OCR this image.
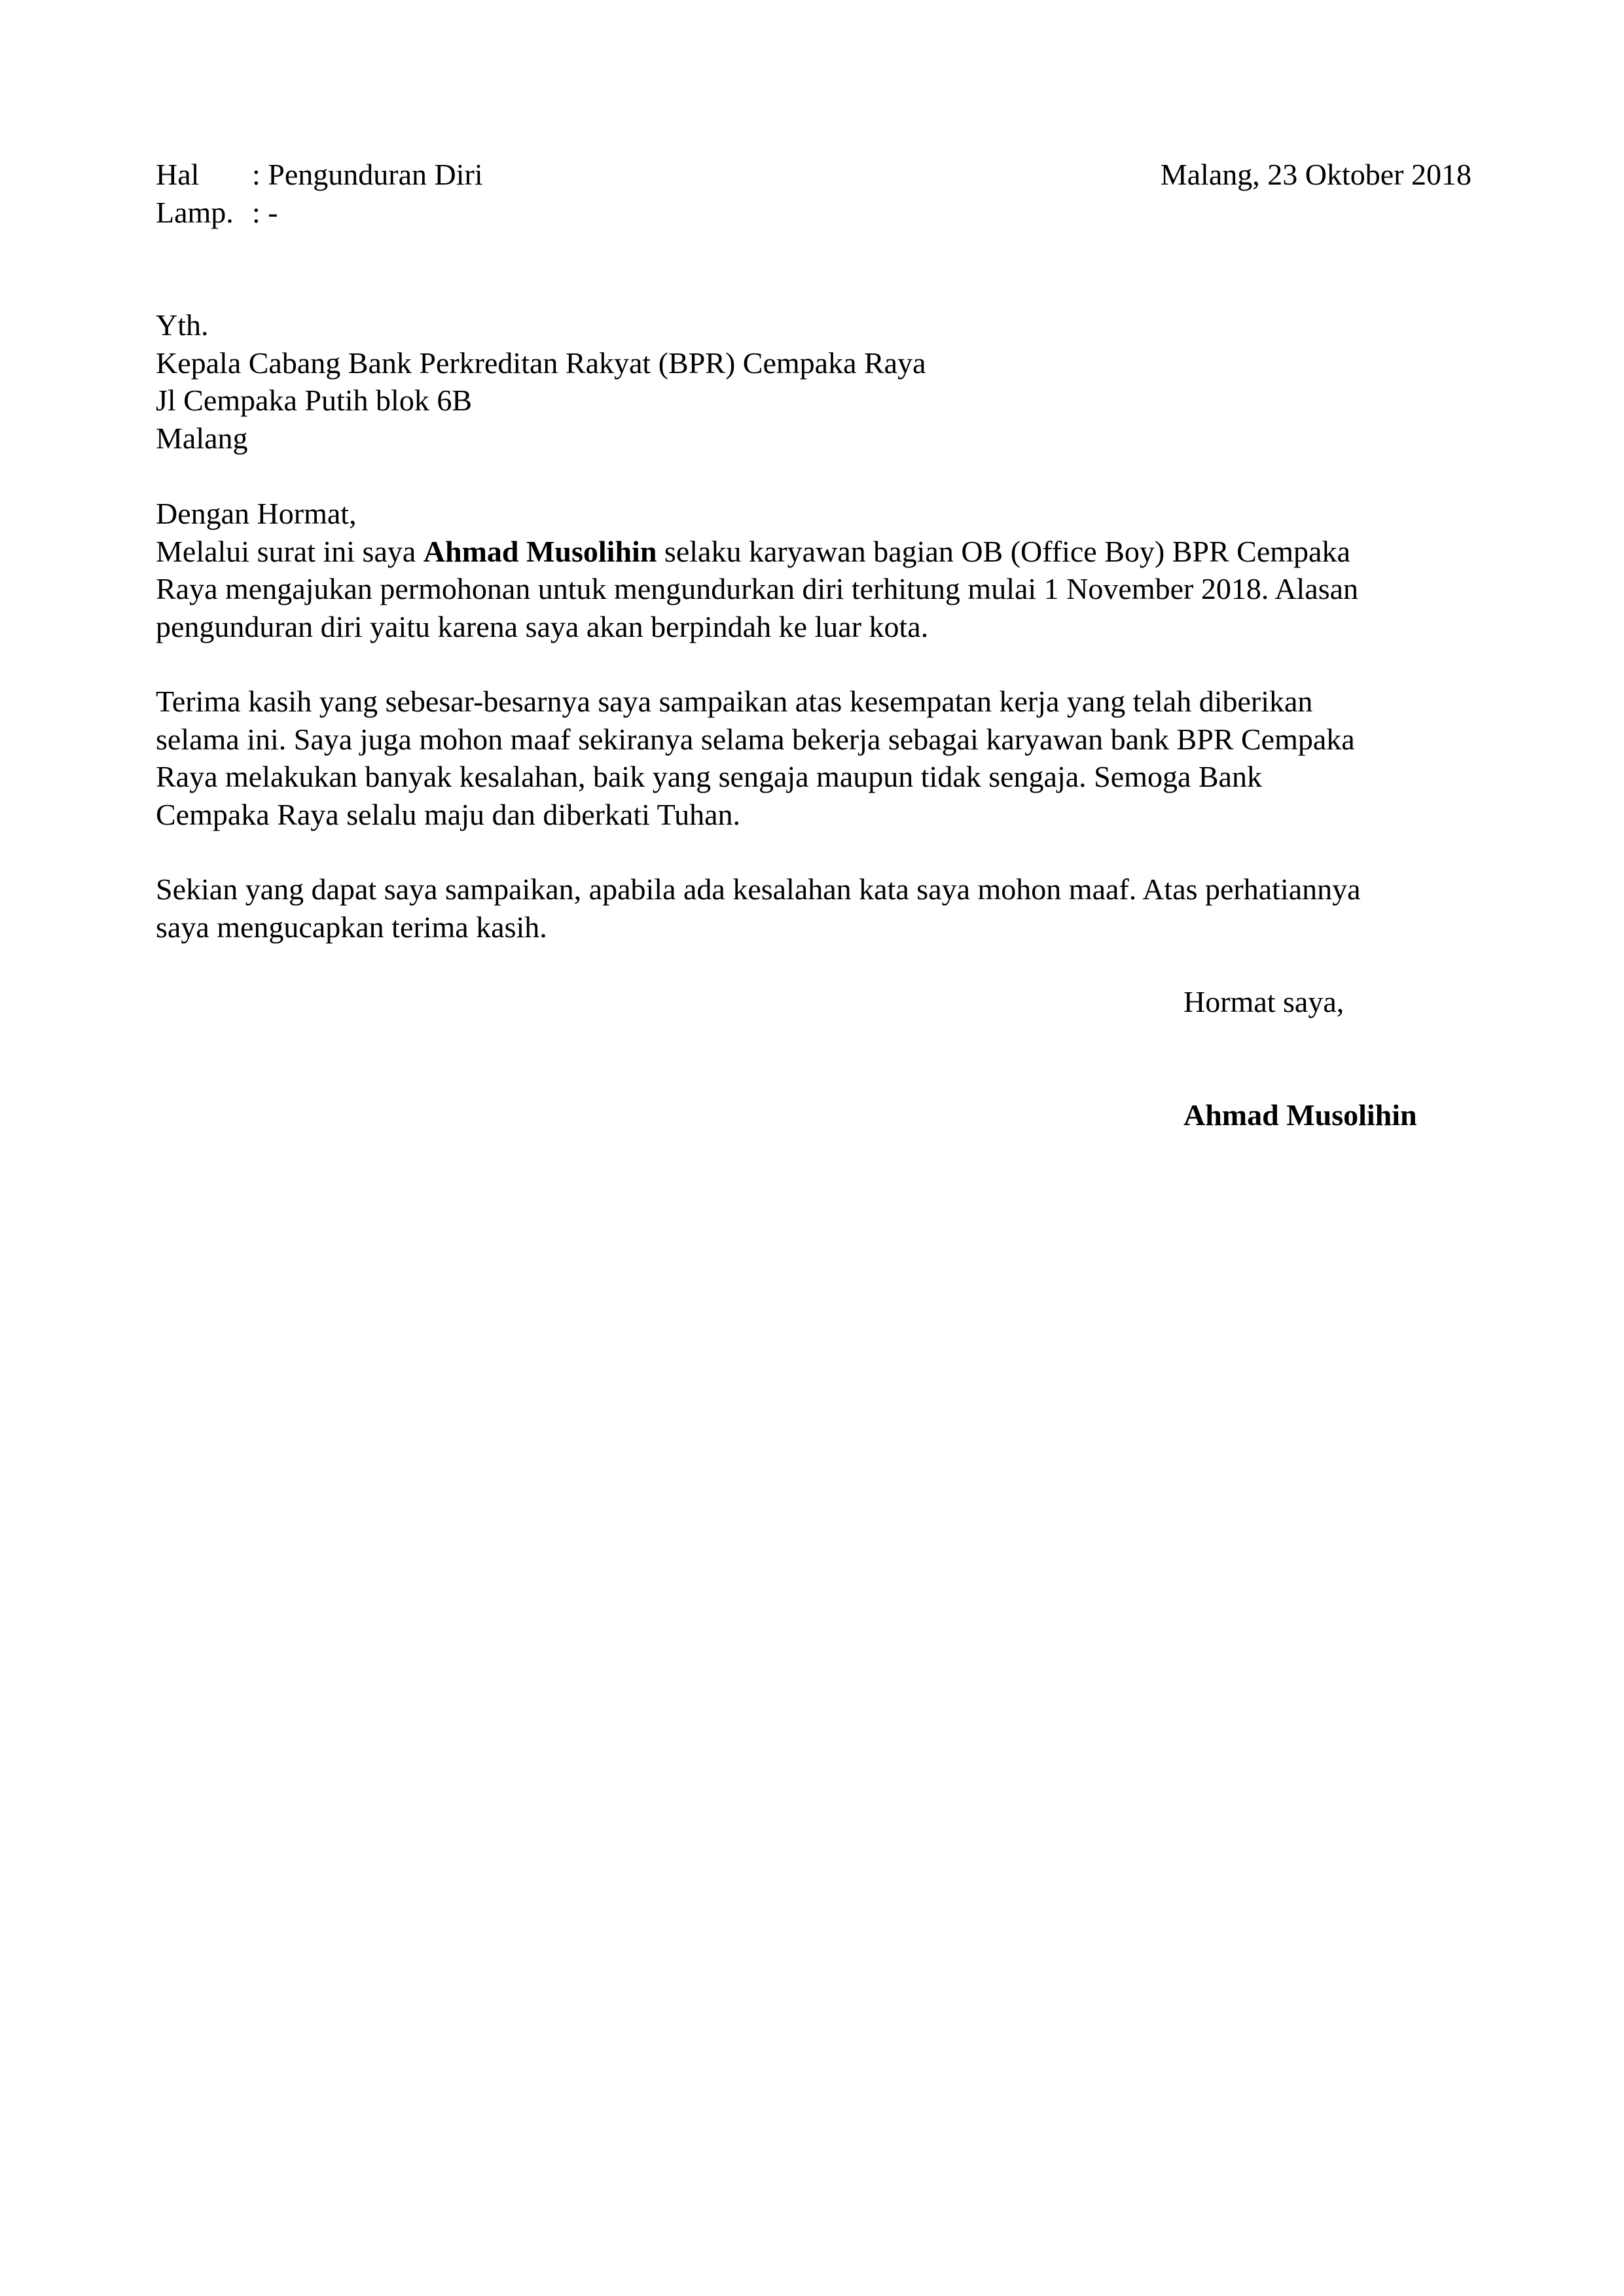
Hal : Pengunduran Diri	Malang, 23 Oktober 2018
Lamp. : -
Yth.
Kepala Cabang Bank Perkreditan Rakyat (BPR) Cempaka Raya
Jl Cempaka Putih blok 6B
Malang
Dengan Hormat,
Melalui surat ini saya Ahmad Musolihin selaku karyawan bagian OB (Office Boy) BPR Cempaka
Raya mengajukan permohonan untuk mengundurkan diri terhitung mulai 1 November 2018. Alasan
pengunduran diri yaitu karena saya akan berpindah ke luar kota.
Terima kasih yang sebesar-besarnya saya sampaikan atas kesempatan kerja yang telah diberikan
selama ini. Saya juga mohon maaf sekiranya selama bekerja sebagai karyawan bank BPR Cempaka
Raya melakukan banyak kesalahan, baik yang sengaja maupun tidak sengaja. Semoga Bank
Cempaka Raya selalu maju dan diberkati Tuhan.
Sekian yang dapat saya sampaikan, apabila ada kesalahan kata saya mohon maaf. Atas perhatiannya
saya mengucapkan terima kasih.
Hormat saya,
Ahmad Musolihin
